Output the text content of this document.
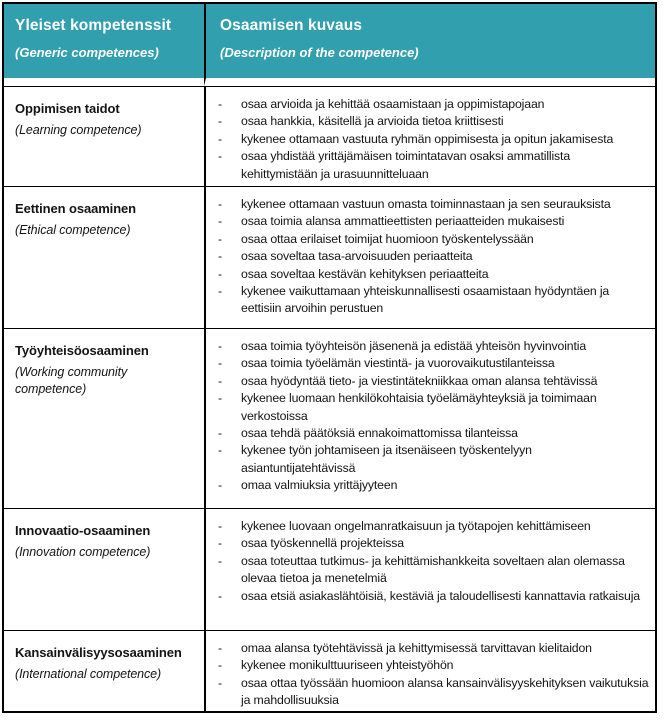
Yleiset kompetenssit
(Generic competences)
Osaamisen kuvaus
(Description of the competence)
Oppimisen taidot
(Learning competence)
-	osaa arvioida ja kehittää osaamistaan ja oppimistapojaan
-	osaa hankkia, käsitellä ja arvioida tietoa kriittisesti
-	kykenee ottamaan vastuuta ryhmän oppimisesta ja opitun jakamisesta
-	osaa yhdistää yrittäjämäisen toimintatavan osaksi ammatillista kehittymistään ja urasuunnitteluaan
Eettinen osaaminen
(Ethical competence)
-	kykenee ottamaan vastuun omasta toiminnastaan ja sen seurauksista
-	osaa toimia alansa ammattieettisten periaatteiden mukaisesti
-	osaa ottaa erilaiset toimijat huomioon työskentelyssään
-	osaa soveltaa tasa-arvoisuuden periaatteita
-	osaa soveltaa kestävän kehityksen periaatteita
-	kykenee vaikuttamaan yhteiskunnallisesti osaamistaan hyödyntäen ja eettisiin arvoihin perustuen
Työyhteisöosaaminen
(Working community competence)
-	osaa toimia työyhteisön jäsenenä ja edistää yhteisön hyvinvointia
-	osaa toimia työelämän viestintä- ja vuorovaikutustilanteissa
-	osaa hyödyntää tieto- ja viestintätekniikkaa oman alansa tehtävissä
-	kykenee luomaan henkilökohtaisia työelämäyhteyksiä ja toimimaan verkostoissa
-	osaa tehdä päätöksiä ennakoimattomissa tilanteissa
-	kykenee työn johtamiseen ja itsenäiseen työskentelyyn asiantuntijatehtävissä
-	omaa valmiuksia yrittäjyyteen
Innovaatio-osaaminen
(Innovation competence)
-	kykenee luovaan ongelmanratkaisuun ja työtapojen kehittämiseen
-	osaa työskennellä projekteissa
-	osaa toteuttaa tutkimus- ja kehittämishankkeita soveltaen alan olemassa olevaa tietoa ja menetelmiä
-	osaa etsiä asiakaslähtöisiä, kestäviä ja taloudellisesti kannattavia ratkaisuja
Kansainvälisyysosaaminen
(International competence)
-	omaa alansa työtehtävissä ja kehittymisessä tarvittavan kielitaidon
-	kykenee monikulttuuriseen yhteistyöhön
-	osaa ottaa työssään huomioon alansa kansainvälisyyskehityksen vaikutuksia ja mahdollisuuksia
